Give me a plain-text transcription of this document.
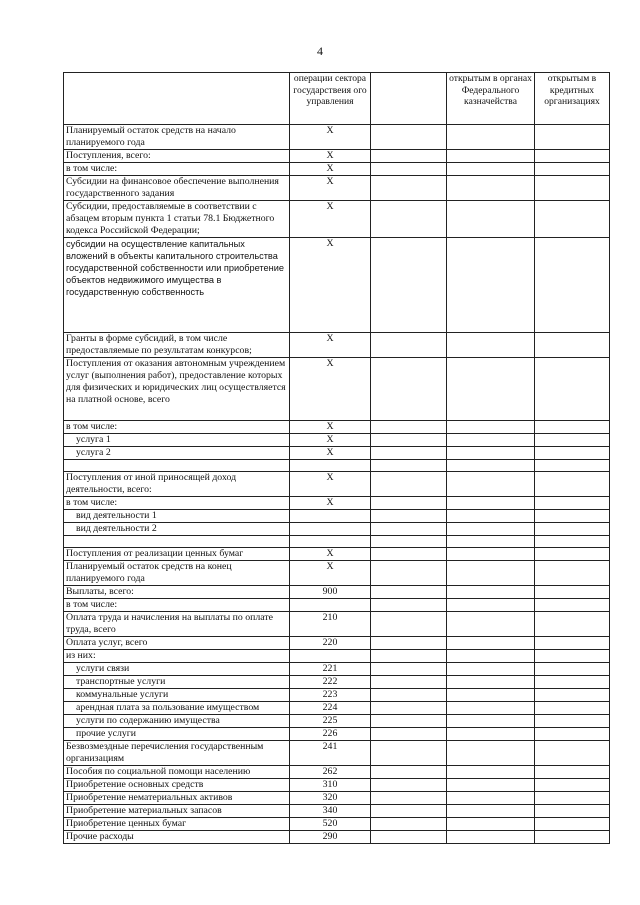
4
	операции сектора государствеия ого управления		открытым в органах Федерального казначейства	открытым в кредитных организациях
Планируемый остаток средств на начало планируемого года	X			
Поступления, всего:	X			
в том числе:	X			
Субсидии на финансовое обеспечение выполнения государственного задания	X			
Субсидии, предоставляемые в соответствии с абзацем вторым пункта 1 статьи 78.1 Бюджетного кодекса Российской Федерации;	X			
субсидии на осуществление капитальных вложений в объекты капитального строительства государственной собственности или приобретение объектов недвижимого имущества в государственную собственность	X			
Гранты в форме субсидий, в том числе предоставляемые по результатам конкурсов;	X			
Поступления от оказания автономным учреждением услуг (выполнения работ), предоставление которых для физических и юридических лиц осуществляется на платной основе, всего	X			
в том числе:	X			
услуга 1	X			
услуга 2	X			

Поступления от иной приносящей доход деятельности, всего:	X			
в том числе:	X			
вид деятельности 1				
вид деятельности 2				

Поступления от реализации ценных бумаг	X			
Планируемый остаток средств на конец планируемого года	X			
Выплаты, всего:	900			
в том числе:				
Оплата труда и начисления на выплаты по оплате труда, всего	210			
Оплата услуг, всего	220			
из них:				
услуги связи	221			
транспортные услуги	222			
коммунальные услуги	223			
арендная плата за пользование имуществом	224			
услуги по содержанию имущества	225			
прочие услуги	226			
Безвозмездные перечисления государственным организациям	241			
Пособия по социальной помощи населению	262			
Приобретение основных средств	310			
Приобретение нематериальных активов	320			
Приобретение материальных запасов	340			
Приобретение ценных бумаг	520			
Прочие расходы	290			
